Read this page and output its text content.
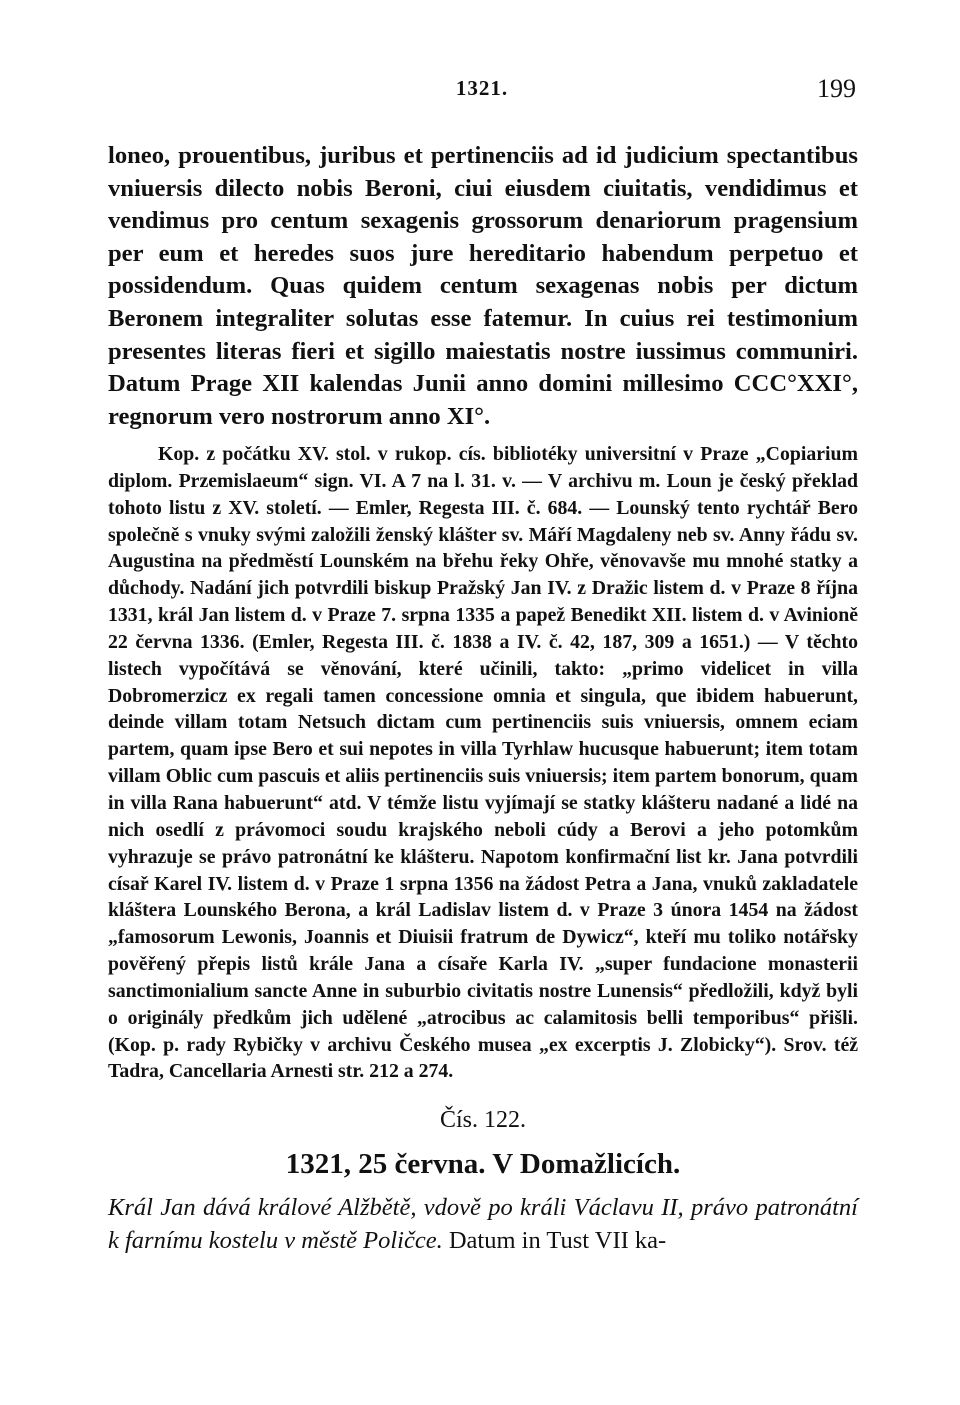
1321.	199

loneo, prouentibus, juribus et pertinenciis ad id judicium spectantibus vniuersis dilecto nobis Beroni, ciui eiusdem ciuitatis, vendidimus et vendimus pro centum sexagenis grossorum denariorum pragensium per eum et heredes suos jure hereditario habendum perpetuo et possidendum. Quas quidem centum sexagenas nobis per dictum Beronem integraliter solutas esse fatemur. In cuius rei testimonium presentes literas fieri et sigillo maiestatis nostre iussimus communiri. Datum Prage XII kalendas Junii anno domini millesimo CCC°XXI°, regnorum vero nostrorum anno XI°.

Kop. z počátku XV. stol. v rukop. cís. bibliotéky universitní v Praze „Copiarium diplom. Przemislaeum“ sign. VI. A 7 na l. 31. v. — V archivu m. Loun je český překlad tohoto listu z XV. století. — Emler, Regesta III. č. 684. — Lounský tento rychtář Bero společně s vnuky svými založili ženský klášter sv. Máří Magdaleny neb sv. Anny řádu sv. Augustina na předměstí Lounském na břehu řeky Ohře, věnovavše mu mnohé statky a důchody. Nadání jich potvrdili biskup Pražský Jan IV. z Dražic listem d. v Praze 8 října 1331, král Jan listem d. v Praze 7. srpna 1335 a papež Benedikt XII. listem d. v Avinioně 22 června 1336. (Emler, Regesta III. č. 1838 a IV. č. 42, 187, 309 a 1651.) — V těchto listech vypočítává se věnování, které učinili, takto: „primo videlicet in villa Dobromerzicz ex regali tamen concessione omnia et singula, que ibidem habuerunt, deinde villam totam Netsuch dictam cum pertinenciis suis vniuersis, omnem eciam partem, quam ipse Bero et sui nepotes in villa Tyrhlaw hucusque habuerunt; item totam villam Oblic cum pascuis et aliis pertinenciis suis vniuersis; item partem bonorum, quam in villa Rana habuerunt“ atd. V témže listu vyjímají se statky klášteru nadané a lidé na nich osedlí z právomoci soudu krajského neboli cúdy a Berovi a jeho potomkům vyhrazuje se právo patronátní ke klášteru. Napotom konfirmační list kr. Jana potvrdili císař Karel IV. listem d. v Praze 1 srpna 1356 na žádost Petra a Jana, vnuků zakladatele kláštera Lounského Berona, a král Ladislav listem d. v Praze 3 února 1454 na žádost „famosorum Lewonis, Joannis et Diuisii fratrum de Dywicz“, kteří mu toliko notářsky pověřený přepis listů krále Jana a císaře Karla IV. „super fundacione monasterii sanctimonialium sancte Anne in suburbio civitatis nostre Lunensis“ předložili, když byli o originály předkům jich udělené „atrocibus ac calamitosis belli temporibus“ přišli. (Kop. p. rady Rybičky v archivu Českého musea „ex excerptis J. Zlobicky“). Srov. též Tadra, Cancellaria Arnesti str. 212 a 274.

Čís. 122.
1321, 25 června. V Domažlicích.
Král Jan dává králové Alžbětě, vdově po králi Václavu II, právo patronátní k farnímu kostelu v městě Poličce. Datum in Tust VII ka-
